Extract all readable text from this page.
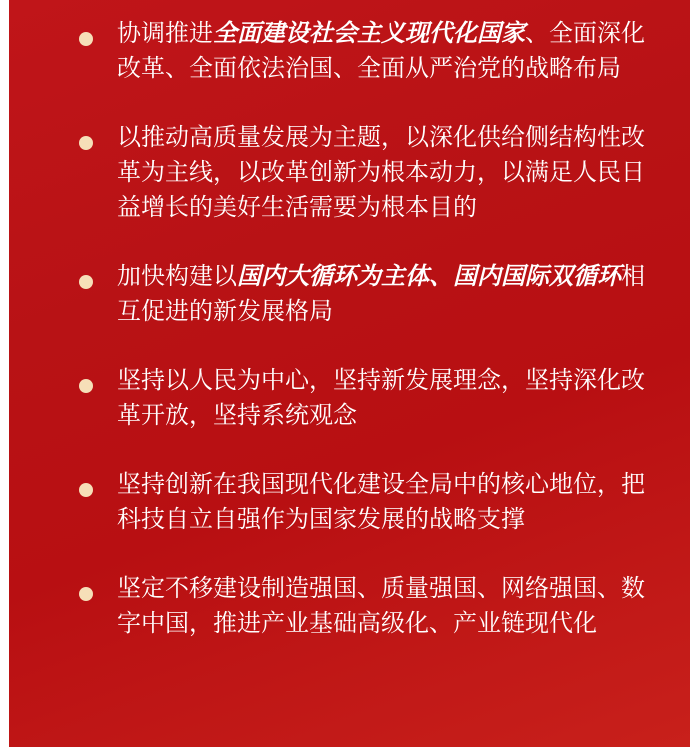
协调推进全面建设社会主义现代化国家、全面深化改革、全面依法治国、全面从严治党的战略布局
以推动高质量发展为主题，以深化供给侧结构性改革为主线，以改革创新为根本动力，以满足人民日益增长的美好生活需要为根本目的
加快构建以国内大循环为主体、国内国际双循环相互促进的新发展格局
坚持以人民为中心，坚持新发展理念，坚持深化改革开放，坚持系统观念
坚持创新在我国现代化建设全局中的核心地位，把科技自立自强作为国家发展的战略支撑
坚定不移建设制造强国、质量强国、网络强国、数字中国，推进产业基础高级化、产业链现代化
